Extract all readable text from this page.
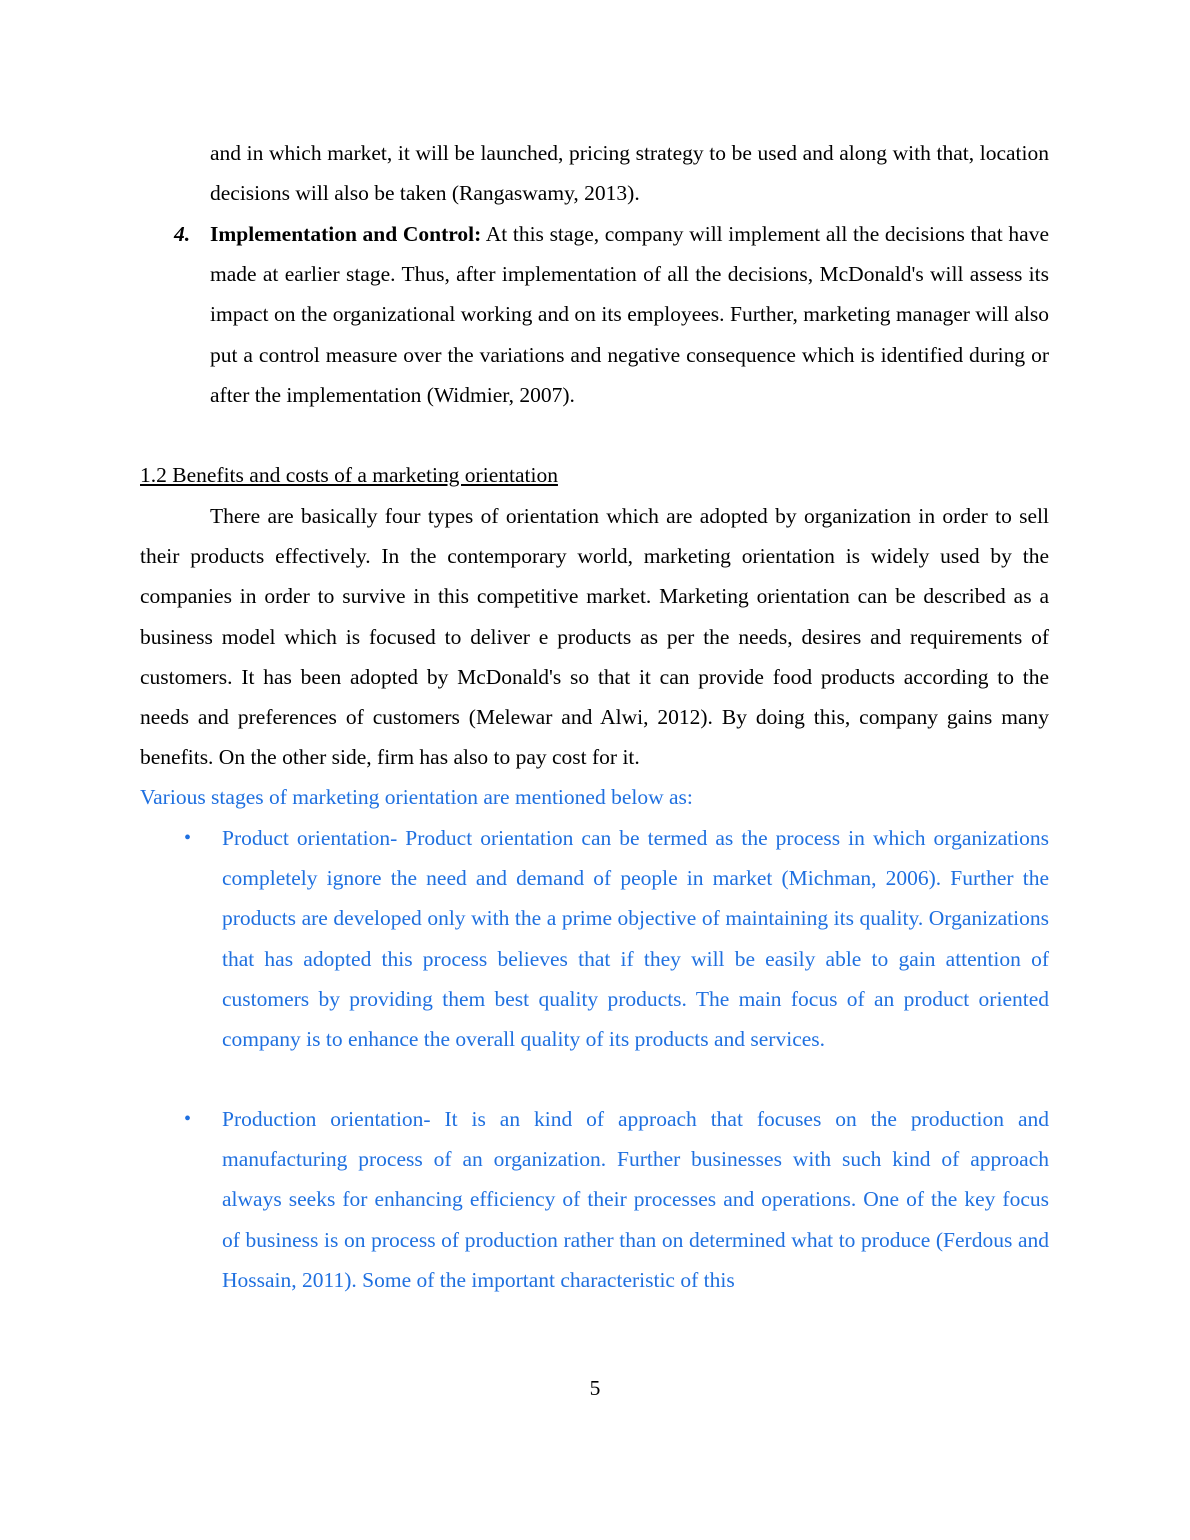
and in which market, it will be launched, pricing strategy to be used and along with that, location decisions will also be taken (Rangaswamy, 2013).

4. Implementation and Control: At this stage, company will implement all the decisions that have made at earlier stage. Thus, after implementation of all the decisions, McDonald's will assess its impact on the organizational working and on its employees. Further, marketing manager will also put a control measure over the variations and negative consequence which is identified during or after the implementation (Widmier, 2007).

1.2 Benefits and costs of a marketing orientation

There are basically four types of orientation which are adopted by organization in order to sell their products effectively. In the contemporary world, marketing orientation is widely used by the companies in order to survive in this competitive market. Marketing orientation can be described as a business model which is focused to deliver e products as per the needs, desires and requirements of customers. It has been adopted by McDonald's so that it can provide food products according to the needs and preferences of customers (Melewar and Alwi, 2012). By doing this, company gains many benefits. On the other side, firm has also to pay cost for it.

Various stages of marketing orientation are mentioned below as:

• Product orientation- Product orientation can be termed as the process in which organizations completely ignore the need and demand of people in market (Michman, 2006). Further the products are developed only with the a prime objective of maintaining its quality. Organizations that has adopted this process believes that if they will be easily able to gain attention of customers by providing them best quality products. The main focus of an product oriented company is to enhance the overall quality of its products and services.

• Production orientation- It is an kind of approach that focuses on the production and manufacturing process of an organization. Further businesses with such kind of approach always seeks for enhancing efficiency of their processes and operations. One of the key focus of business is on process of production rather than on determined what to produce (Ferdous and Hossain, 2011). Some of the important characteristic of this

5
